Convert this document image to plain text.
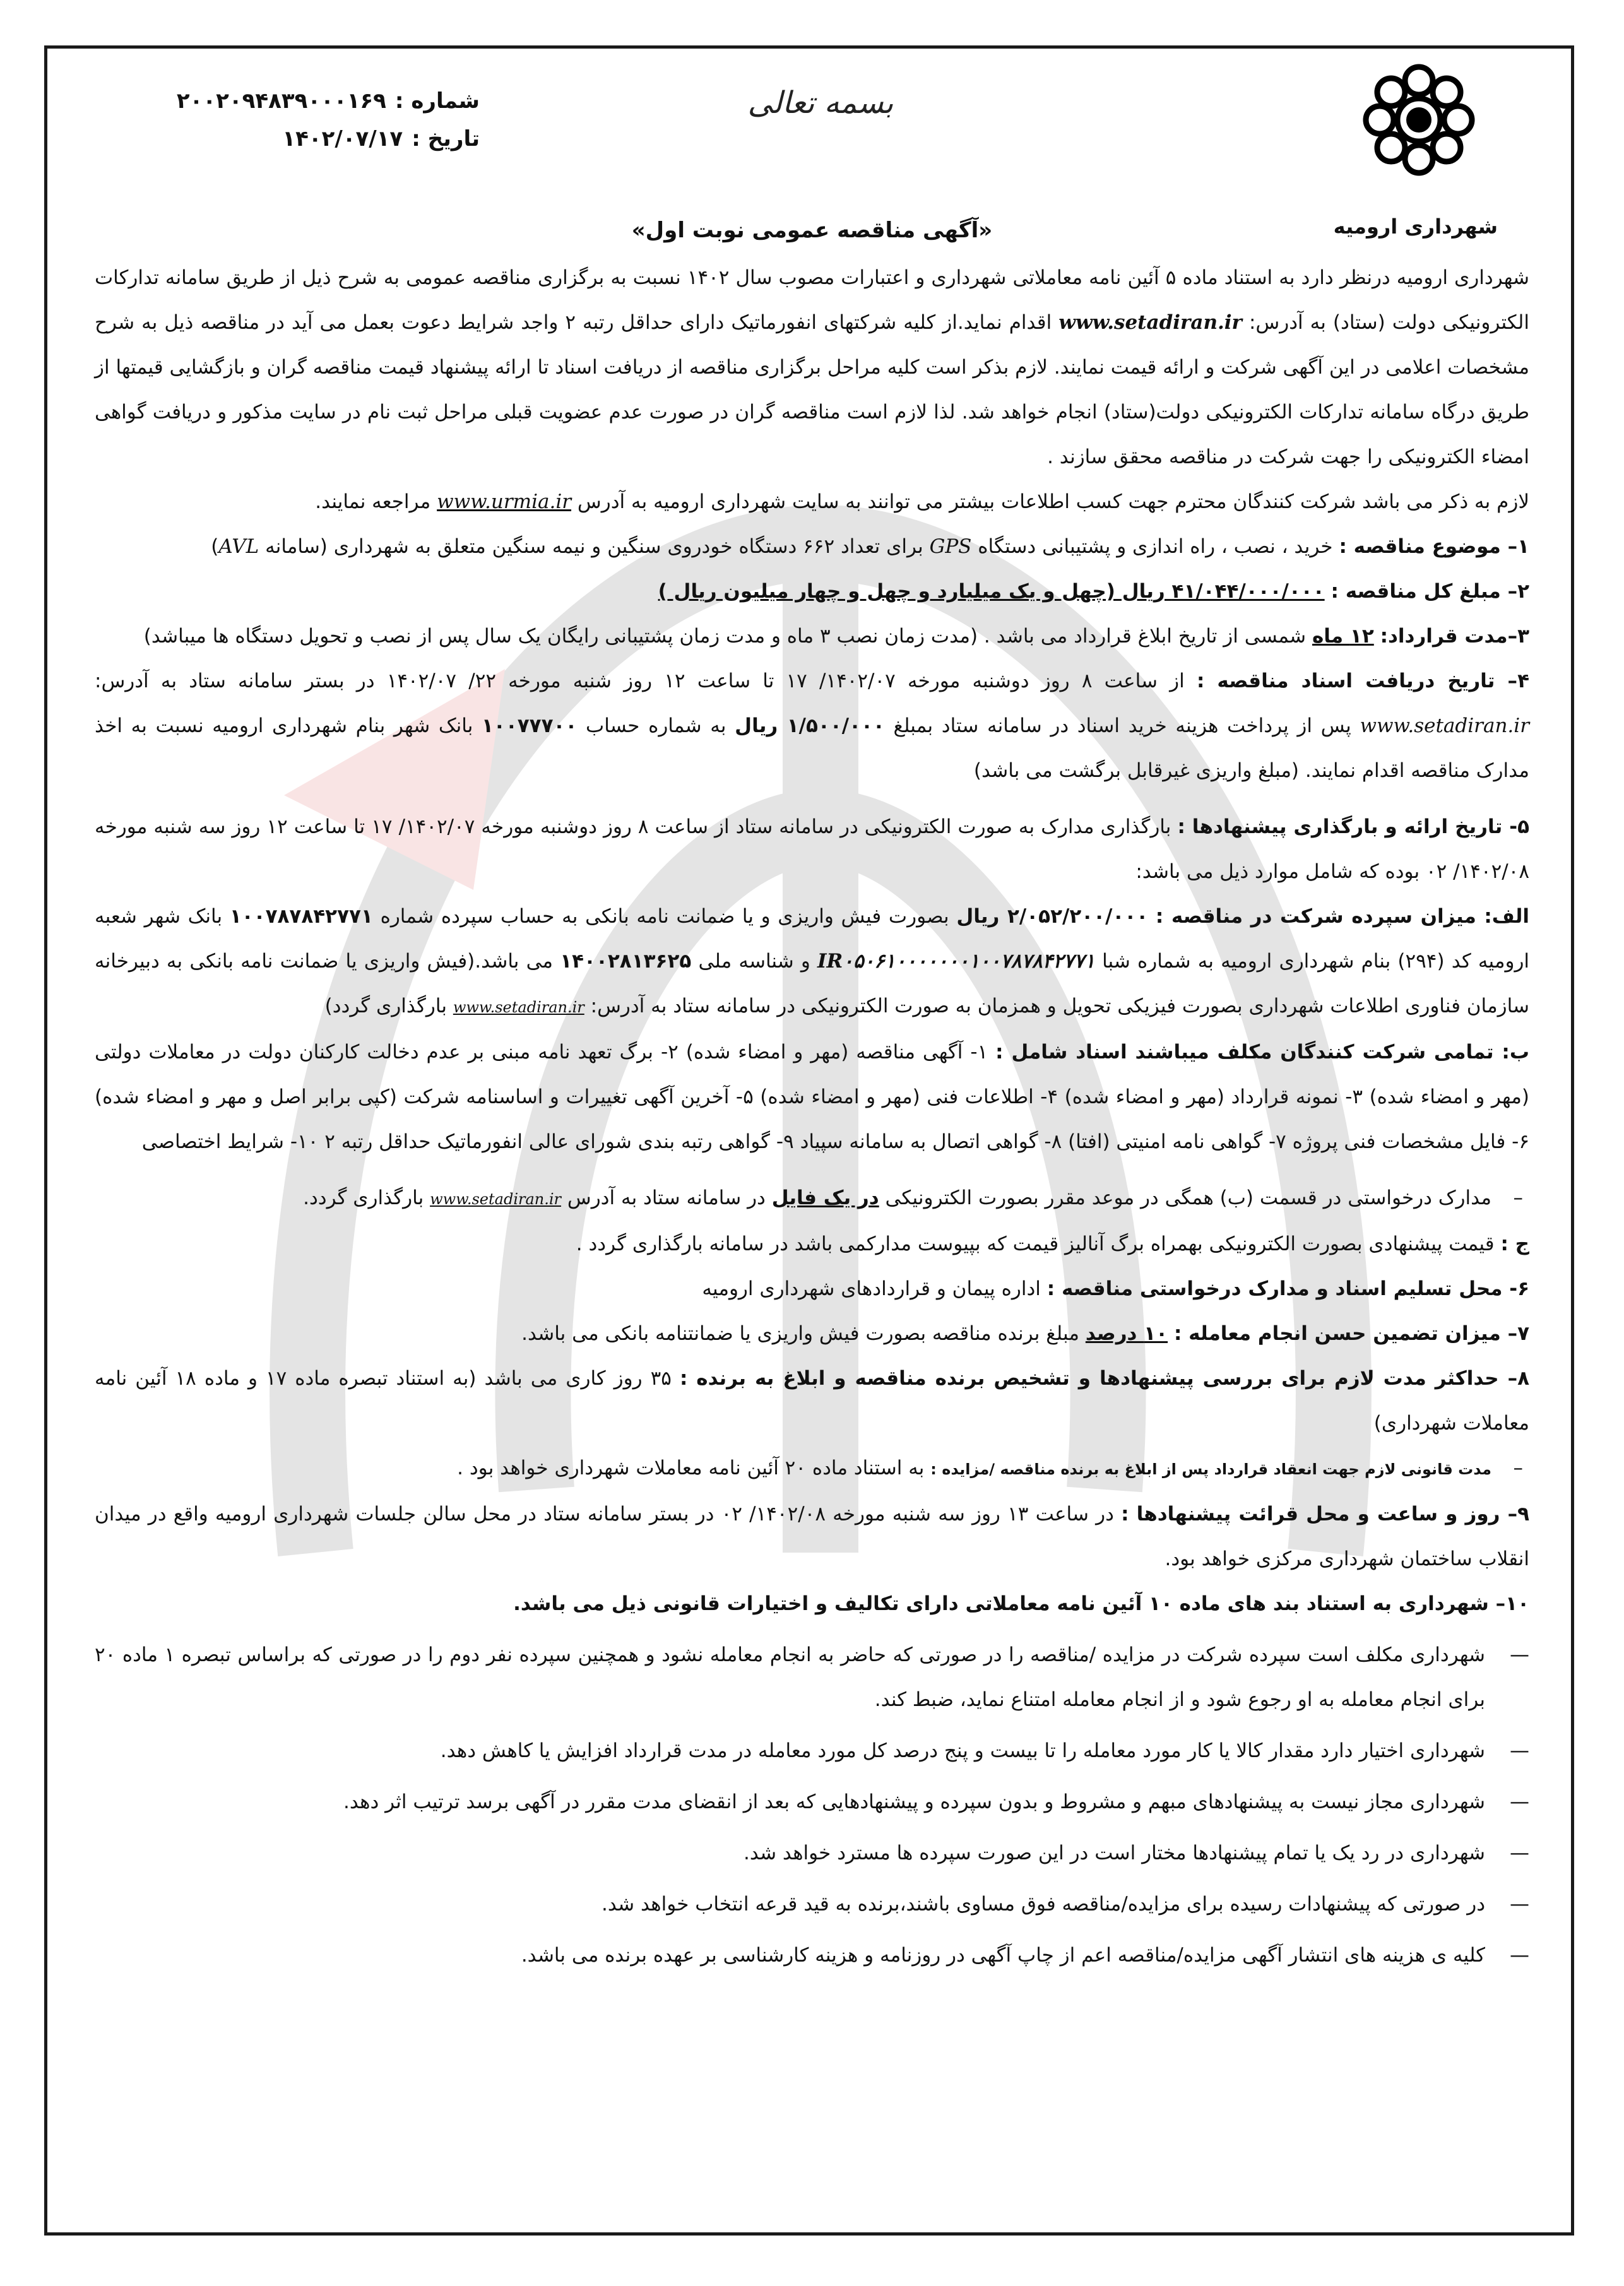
شماره :
۲۰۰۲۰۹۴۸۳۹۰۰۰۱۶۹
تاریخ :
۱۴۰۲/۰۷/۱۷
بسمه تعالی
شهرداری ارومیه
«آگهی مناقصه عمومی نوبت اول»

شهرداری ارومیه درنظر دارد به استناد ماده ۵ آئین نامه معاملاتی شهرداری و اعتبارات مصوب سال ۱۴۰۲ نسبت به برگزاری مناقصه عمومی به شرح ذیل از طریق سامانه تدارکات الکترونیکی دولت (ستاد) به آدرس: www.setadiran.ir اقدام نماید.از کلیه شرکتهای انفورماتیک دارای حداقل رتبه ۲ واجد شرایط دعوت بعمل می آید در مناقصه ذیل به شرح مشخصات اعلامی در این آگهی شرکت و ارائه قیمت نمایند. لازم بذکر است کلیه مراحل برگزاری مناقصه از دریافت اسناد تا ارائه پیشنهاد قیمت مناقصه گران و بازگشایی قیمتها از طریق درگاه سامانه تدارکات الکترونیکی دولت(ستاد) انجام خواهد شد. لذا لازم است مناقصه گران در صورت عدم عضویت قبلی مراحل ثبت نام در سایت مذکور و دریافت گواهی امضاء الکترونیکی را جهت شرکت در مناقصه محقق سازند .

لازم به ذکر می باشد شرکت کنندگان محترم جهت کسب اطلاعات بیشتر می توانند به سایت شهرداری ارومیه به آدرس www.urmia.ir مراجعه نمایند.

۱– موضوع مناقصه : خرید ، نصب ، راه اندازی و پشتیبانی دستگاه GPS برای تعداد ۶۶۲ دستگاه خودروی سنگین و نیمه سنگین متعلق به شهرداری (سامانه AVL)

۲– مبلغ کل مناقصه : ۴۱/۰۴۴/۰۰۰/۰۰۰ ریال (چهل و یک میلیارد و چهل و چهار میلیون ریال )

۳–مدت قرارداد: ۱۲ ماه شمسی از تاریخ ابلاغ قرارداد می باشد . (مدت زمان نصب ۳ ماه و مدت زمان پشتیبانی رایگان یک سال پس از نصب و تحویل دستگاه ها میباشد)

۴– تاریخ دریافت اسناد مناقصه : از ساعت ۸ روز دوشنبه مورخه ۱۴۰۲/۰۷/ ۱۷ تا ساعت ۱۲ روز شنبه مورخه ۲۲/ ۱۴۰۲/۰۷ در بستر سامانه ستاد به آدرس: www.setadiran.ir پس از پرداخت هزینه خرید اسناد در سامانه ستاد بمبلغ ۱/۵۰۰/۰۰۰ ریال به شماره حساب ۱۰۰۷۷۷۰۰ بانک شهر بنام شهرداری ارومیه نسبت به اخذ مدارک مناقصه اقدام نمایند. (مبلغ واریزی غیرقابل برگشت می باشد)

۵- تاریخ ارائه و بارگذاری پیشنهادها : بارگذاری مدارک به صورت الکترونیکی در سامانه ستاد از ساعت ۸ روز دوشنبه مورخه ۱۴۰۲/۰۷/ ۱۷ تا ساعت ۱۲ روز سه شنبه مورخه ۱۴۰۲/۰۸/ ۰۲ بوده که شامل موارد ذیل می باشد:

الف: میزان سپرده شرکت در مناقصه : ۲/۰۵۲/۲۰۰/۰۰۰ ریال بصورت فیش واریزی و یا ضمانت نامه بانکی به حساب سپرده شماره ۱۰۰۷۸۷۸۴۲۷۷۱ بانک شهر شعبه ارومیه کد (۲۹۴) بنام شهرداری ارومیه به شماره شبا IR۰۵۰۶۱۰۰۰۰۰۰۰۱۰۰۷۸۷۸۴۲۷۷۱ و شناسه ملی ۱۴۰۰۲۸۱۳۶۲۵ می باشد.(فیش واریزی یا ضمانت نامه بانکی به دبیرخانه سازمان فناوری اطلاعات شهرداری بصورت فیزیکی تحویل و همزمان به صورت الکترونیکی در سامانه ستاد به آدرس: www.setadiran.ir بارگذاری گردد)

ب: تمامی شرکت کنندگان مکلف میباشند اسناد شامل : ۱- آگهی مناقصه (مهر و امضاء شده) ۲- برگ تعهد نامه مبنی بر عدم دخالت کارکنان دولت در معاملات دولتی (مهر و امضاء شده) ۳- نمونه قرارداد (مهر و امضاء شده) ۴- اطلاعات فنی (مهر و امضاء شده) ۵- آخرین آگهی تغییرات و اساسنامه شرکت (کپی برابر اصل و مهر و امضاء شده) ۶- فایل مشخصات فنی پروژه ۷- گواهی نامه امنیتی (افتا) ۸- گواهی اتصال به سامانه سپیاد ۹- گواهی رتبه بندی شورای عالی انفورماتیک حداقل رتبه ۲ ۱۰- شرایط اختصاصی

– مدارک درخواستی در قسمت (ب) همگی در موعد مقرر بصورت الکترونیکی در یک فایل در سامانه ستاد به آدرس www.setadiran.ir بارگذاری گردد.

ج : قیمت پیشنهادی بصورت الکترونیکی بهمراه برگ آنالیز قیمت که بپیوست مدارکمی باشد در سامانه بارگذاری گردد .

۶- محل تسلیم اسناد و مدارک درخواستی مناقصه : اداره پیمان و قراردادهای شهرداری ارومیه

۷– میزان تضمین حسن انجام معامله : ۱۰ درصد مبلغ برنده مناقصه بصورت فیش واریزی یا ضمانتنامه بانکی می باشد.

۸– حداکثر مدت لازم برای بررسی پیشنهادها و تشخیص برنده مناقصه و ابلاغ به برنده : ۳۵ روز کاری می باشد (به استناد تبصره ماده ۱۷ و ماده ۱۸ آئین نامه معاملات شهرداری)

– مدت قانونی لازم جهت انعقاد قرارداد پس از ابلاغ به برنده مناقصه /مزایده : به استناد ماده ۲۰ آئین نامه معاملات شهرداری خواهد بود .

۹– روز و ساعت و محل قرائت پیشنهادها : در ساعت ۱۳ روز سه شنبه مورخه ۱۴۰۲/۰۸/ ۰۲ در بستر سامانه ستاد در محل سالن جلسات شهرداری ارومیه واقع در میدان انقلاب ساختمان شهرداری مرکزی خواهد بود.

۱۰– شهرداری به استناد بند های ماده ۱۰ آئین نامه معاملاتی دارای تکالیف و اختیارات قانونی ذیل می باشد.

— شهرداری مکلف است سپرده شرکت در مزایده /مناقصه را در صورتی که حاضر به انجام معامله نشود و همچنین سپرده نفر دوم را در صورتی که براساس تبصره ۱ ماده ۲۰ برای انجام معامله به او رجوع شود و از انجام معامله امتناع نماید، ضبط کند.
— شهرداری اختیار دارد مقدار کالا یا کار مورد معامله را تا بیست و پنج درصد کل مورد معامله در مدت قرارداد افزایش یا کاهش دهد.
— شهرداری مجاز نیست به پیشنهادهای مبهم و مشروط و بدون سپرده و پیشنهادهایی که بعد از انقضای مدت مقرر در آگهی برسد ترتیب اثر دهد.
— شهرداری در رد یک یا تمام پیشنهادها مختار است در این صورت سپرده ها مسترد خواهد شد.
— در صورتی که پیشنهادات رسیده برای مزایده/مناقصه فوق مساوی باشند،برنده به قید قرعه انتخاب خواهد شد.
— کلیه ی هزینه های انتشار آگهی مزایده/مناقصه اعم از چاپ آگهی در روزنامه و هزینه کارشناسی بر عهده برنده می باشد.
